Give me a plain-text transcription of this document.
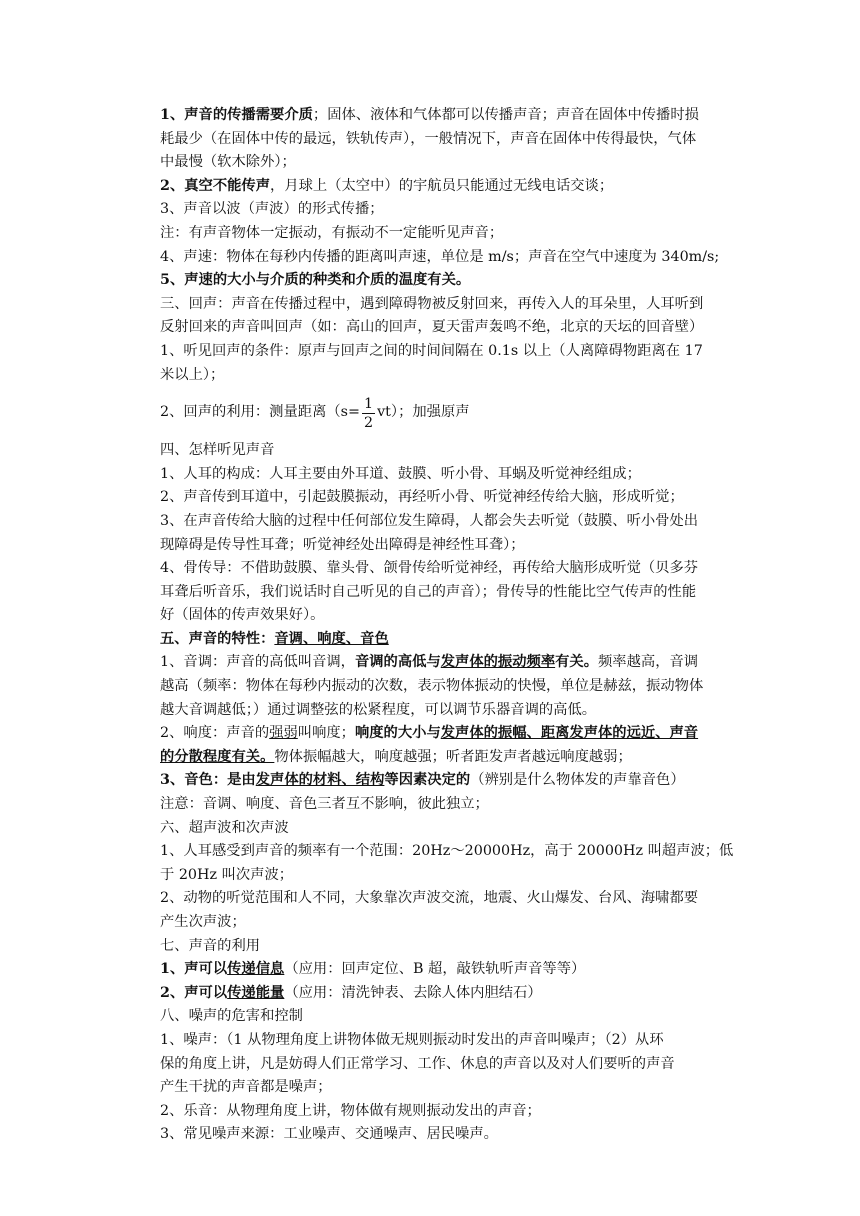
1、声音的传播需要介质；固体、液体和气体都可以传播声音；声音在固体中传播时损
耗最少（在固体中传的最远，铁轨传声），一般情况下，声音在固体中传得最快，气体
中最慢（软木除外）；
2、真空不能传声，月球上（太空中）的宇航员只能通过无线电话交谈；
3、声音以波（声波）的形式传播；
注：有声音物体一定振动，有振动不一定能听见声音；
4、声速：物体在每秒内传播的距离叫声速，单位是 m/s；声音在空气中速度为 340m/s;
5、声速的大小与介质的种类和介质的温度有关。
三、回声：声音在传播过程中，遇到障碍物被反射回来，再传入人的耳朵里，人耳听到
反射回来的声音叫回声（如：高山的回声，夏天雷声轰鸣不绝，北京的天坛的回音壁）
1、听见回声的条件：原声与回声之间的时间间隔在 0.1s 以上（人离障碍物距离在 17
米以上）；
2、回声的利用：测量距离$(s= \frac{1}{2} vt)$；加强原声
四、怎样听见声音
1、人耳的构成：人耳主要由外耳道、鼓膜、听小骨、耳蜗及听觉神经组成；
2、声音传到耳道中，引起鼓膜振动，再经听小骨、听觉神经传给大脑，形成听觉；
3、在声音传给大脑的过程中任何部位发生障碍，人都会失去听觉（鼓膜、听小骨处出
现障碍是传导性耳聋；听觉神经处出障碍是神经性耳聋）；
4、骨传导：不借助鼓膜、靠头骨、颌骨传给听觉神经，再传给大脑形成听觉（贝多芬
耳聋后听音乐，我们说话时自己听见的自己的声音）；骨传导的性能比空气传声的性能
好（固体的传声效果好）。
五、声音的特性：音调、响度、音色
1、音调：声音的高低叫音调，音调的高低与发声体的振动频率有关。频率越高，音调
越高（频率：物体在每秒内振动的次数，表示物体振动的快慢，单位是赫兹，振动物体
越大音调越低；）通过调整弦的松紧程度，可以调节乐器音调的高低。
2、响度：声音的强弱叫响度；响度的大小与发声体的振幅、距离发声体的远近、声音
的分散程度有关。物体振幅越大，响度越强；听者距发声者越远响度越弱；
3、音色：是由发声体的材料、结构等因素决定的（辨别是什么物体发的声靠音色）
注意：音调、响度、音色三者互不影响，彼此独立；
六、超声波和次声波
1、人耳感受到声音的频率有一个范围：20Hz～20000Hz，高于 20000Hz 叫超声波；低
于 20Hz 叫次声波；
2、动物的听觉范围和人不同，大象靠次声波交流，地震、火山爆发、台风、海啸都要
产生次声波；
七、声音的利用
1、声可以传递信息（应用：回声定位、B 超，敲铁轨听声音等等）
2、声可以传递能量（应用：清洗钟表、去除人体内胆结石）
八、噪声的危害和控制
1、噪声：（1 从物理角度上讲物体做无规则振动时发出的声音叫噪声；（2）从环
保的角度上讲，凡是妨碍人们正常学习、工作、休息的声音以及对人们要听的声音
产生干扰的声音都是噪声；
2、乐音：从物理角度上讲，物体做有规则振动发出的声音；
3、常见噪声来源：工业噪声、交通噪声、居民噪声。
